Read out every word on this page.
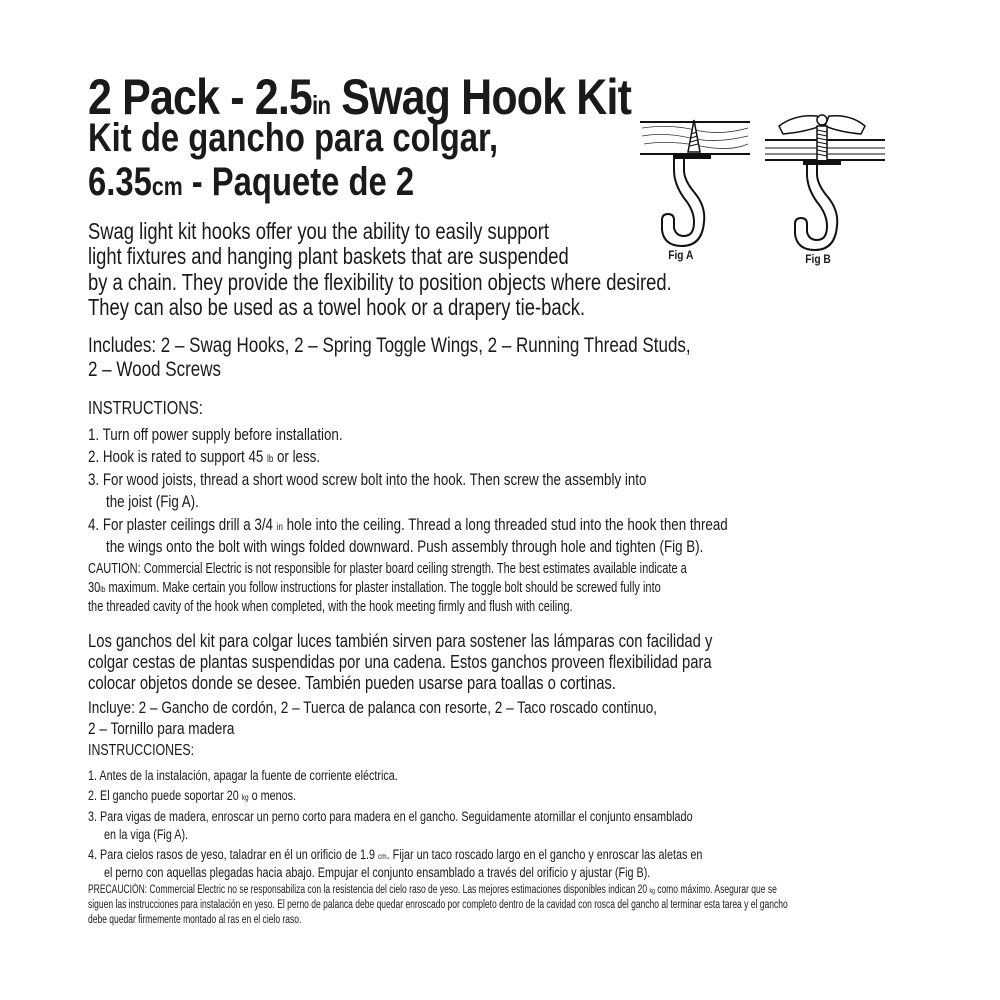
2 Pack - 2.5in Swag Hook Kit
Kit de gancho para colgar,
6.35cm - Paquete de 2
Fig A	Fig B
Swag light kit hooks offer you the ability to easily support
light fixtures and hanging plant baskets that are suspended
by a chain. They provide the flexibility to position objects where desired.
They can also be used as a towel hook or a drapery tie-back.
Includes: 2 – Swag Hooks, 2 – Spring Toggle Wings, 2 – Running Thread Studs,
2 – Wood Screws
INSTRUCTIONS:
1. Turn off power supply before installation.
2. Hook is rated to support 45 lb or less.
3. For wood joists, thread a short wood screw bolt into the hook. Then screw the assembly into
the joist (Fig A).
4. For plaster ceilings drill a 3/4 in hole into the ceiling. Thread a long threaded stud into the hook then thread
the wings onto the bolt with wings folded downward. Push assembly through hole and tighten (Fig B).
CAUTION: Commercial Electric is not responsible for plaster board ceiling strength. The best estimates available indicate a
30lb maximum. Make certain you follow instructions for plaster installation. The toggle bolt should be screwed fully into
the threaded cavity of the hook when completed, with the hook meeting firmly and flush with ceiling.
Los ganchos del kit para colgar luces también sirven para sostener las lámparas con facilidad y
colgar cestas de plantas suspendidas por una cadena. Estos ganchos proveen flexibilidad para
colocar objetos donde se desee. También pueden usarse para toallas o cortinas.
Incluye: 2 – Gancho de cordón, 2 – Tuerca de palanca con resorte, 2 – Taco roscado continuo,
2 – Tornillo para madera
INSTRUCCIONES:
1. Antes de la instalación, apagar la fuente de corriente eléctrica.
2. El gancho puede soportar 20 kg o menos.
3. Para vigas de madera, enroscar un perno corto para madera en el gancho. Seguidamente atornillar el conjunto ensamblado
en la viga (Fig A).
4. Para cielos rasos de yeso, taladrar en él un orificio de 1.9 cm. Fijar un taco roscado largo en el gancho y enroscar las aletas en
el perno con aquellas plegadas hacia abajo. Empujar el conjunto ensamblado a través del orificio y ajustar (Fig B).
PRECAUCIÓN: Commercial Electric no se responsabiliza con la resistencia del cielo raso de yeso. Las mejores estimaciones disponibles indican 20 kg como máximo. Asegurar que se
siguen las instrucciones para instalación en yeso. El perno de palanca debe quedar enroscado por completo dentro de la cavidad con rosca del gancho al terminar esta tarea y el gancho
debe quedar firmemente montado al ras en el cielo raso.
